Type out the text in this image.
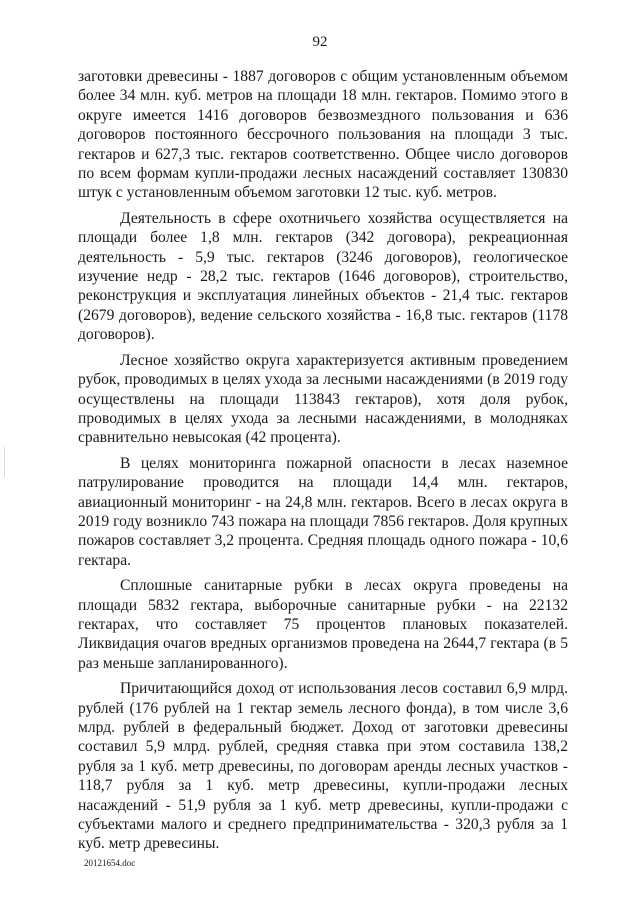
92

заготовки древесины - 1887 договоров с общим установленным объемом более 34 млн. куб. метров на площади 18 млн. гектаров. Помимо этого в округе имеется 1416 договоров безвозмездного пользования и 636 договоров постоянного бессрочного пользования на площади 3 тыс. гектаров и 627,3 тыс. гектаров соответственно. Общее число договоров по всем формам купли-продажи лесных насаждений составляет 130830 штук с установленным объемом заготовки 12 тыс. куб. метров.

Деятельность в сфере охотничьего хозяйства осуществляется на площади более 1,8 млн. гектаров (342 договора), рекреационная деятельность - 5,9 тыс. гектаров (3246 договоров), геологическое изучение недр - 28,2 тыс. гектаров (1646 договоров), строительство, реконструкция и эксплуатация линейных объектов - 21,4 тыс. гектаров (2679 договоров), ведение сельского хозяйства - 16,8 тыс. гектаров (1178 договоров).

Лесное хозяйство округа характеризуется активным проведением рубок, проводимых в целях ухода за лесными насаждениями (в 2019 году осуществлены на площади 113843 гектаров), хотя доля рубок, проводимых в целях ухода за лесными насаждениями, в молодняках сравнительно невысокая (42 процента).

В целях мониторинга пожарной опасности в лесах наземное патрулирование проводится на площади 14,4 млн. гектаров, авиационный мониторинг - на 24,8 млн. гектаров. Всего в лесах округа в 2019 году возникло 743 пожара на площади 7856 гектаров. Доля крупных пожаров составляет 3,2 процента. Средняя площадь одного пожара - 10,6 гектара.

Сплошные санитарные рубки в лесах округа проведены на площади 5832 гектара, выборочные санитарные рубки - на 22132 гектарах, что составляет 75 процентов плановых показателей. Ликвидация очагов вредных организмов проведена на 2644,7 гектара (в 5 раз меньше запланированного).

Причитающийся доход от использования лесов составил 6,9 млрд. рублей (176 рублей на 1 гектар земель лесного фонда), в том числе 3,6 млрд. рублей в федеральный бюджет. Доход от заготовки древесины составил 5,9 млрд. рублей, средняя ставка при этом составила 138,2 рубля за 1 куб. метр древесины, по договорам аренды лесных участков - 118,7 рубля за 1 куб. метр древесины, купли-продажи лесных насаждений - 51,9 рубля за 1 куб. метр древесины, купли-продажи с субъектами малого и среднего предпринимательства - 320,3 рубля за 1 куб. метр древесины.

20121654.doc
